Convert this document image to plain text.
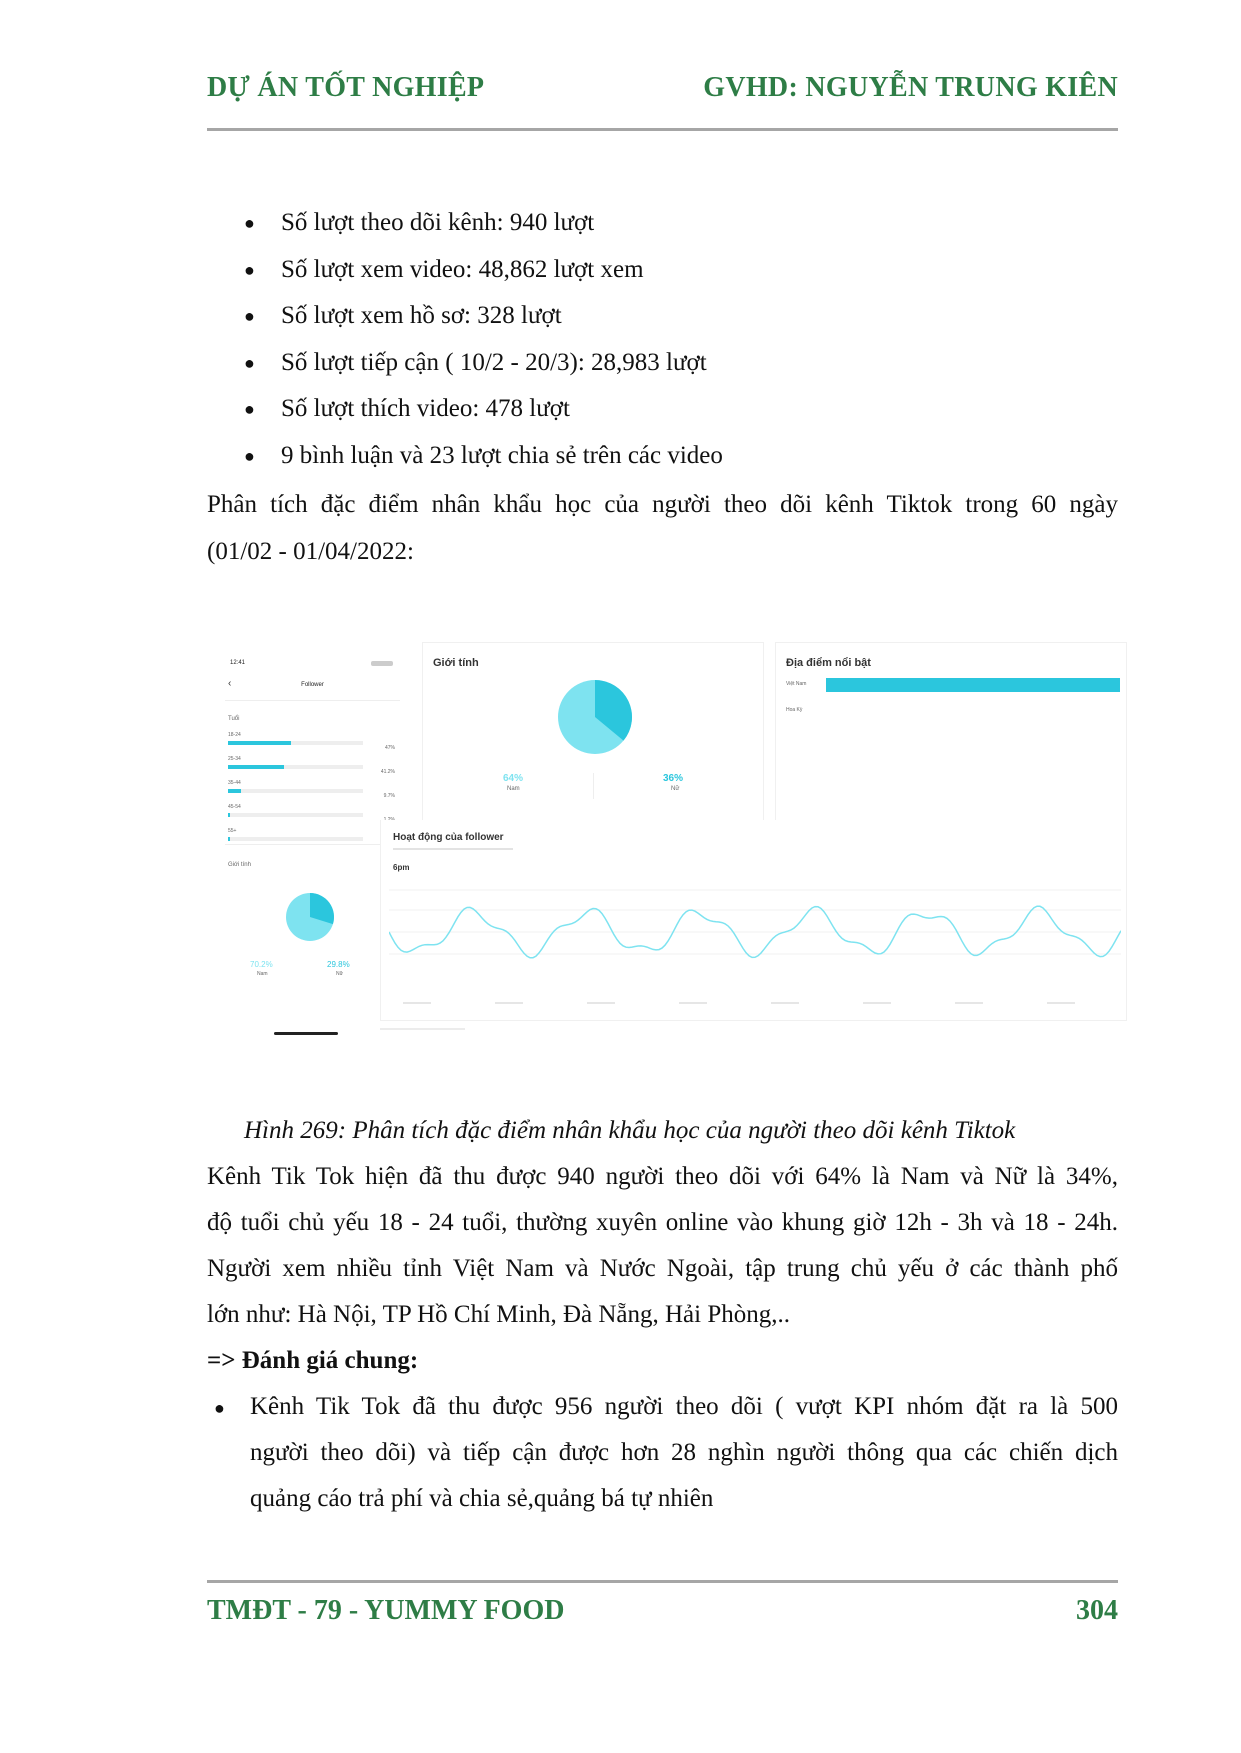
DỰ ÁN TỐT NGHIỆP	GVHD: NGUYỄN TRUNG KIÊN
● Số lượt theo dõi kênh: 940 lượt
● Số lượt xem video: 48,862 lượt xem
● Số lượt xem hồ sơ: 328 lượt
● Số lượt tiếp cận ( 10/2 - 20/3): 28,983 lượt
● Số lượt thích video: 478 lượt
● 9 bình luận và 23 lượt chia sẻ trên các video
Phân tích đặc điểm nhân khẩu học của người theo dõi kênh Tiktok trong 60 ngày
(01/02 - 01/04/2022:
12:41
‹	Follower
Tuổi
18-24
47%
25-34
41.2%
35-44
9.7%
45-54
55+
Giới tính
70.2%
Nam
29.8%
Nữ
Giới tính
64%
Nam
36%
Nữ
Địa điểm nổi bật
Việt Nam
Hoa Kỳ
Hoạt động của follower
6pm
Hình 269: Phân tích đặc điểm nhân khẩu học của người theo dõi kênh Tiktok
Kênh Tik Tok hiện đã thu được 940 người theo dõi với 64% là Nam và Nữ là 34%,
độ tuổi chủ yếu 18 - 24 tuổi, thường xuyên online vào khung giờ 12h - 3h và 18 - 24h.
Người xem nhiều tỉnh Việt Nam và Nước Ngoài, tập trung chủ yếu ở các thành phố
lớn như: Hà Nội, TP Hồ Chí Minh, Đà Nẵng, Hải Phòng,..
=> Đánh giá chung:
● Kênh Tik Tok đã thu được 956 người theo dõi ( vượt KPI nhóm đặt ra là 500
người theo dõi) và tiếp cận được hơn 28 nghìn người thông qua các chiến dịch
quảng cáo trả phí và chia sẻ,quảng bá tự nhiên
TMĐT - 79 - YUMMY FOOD	304
